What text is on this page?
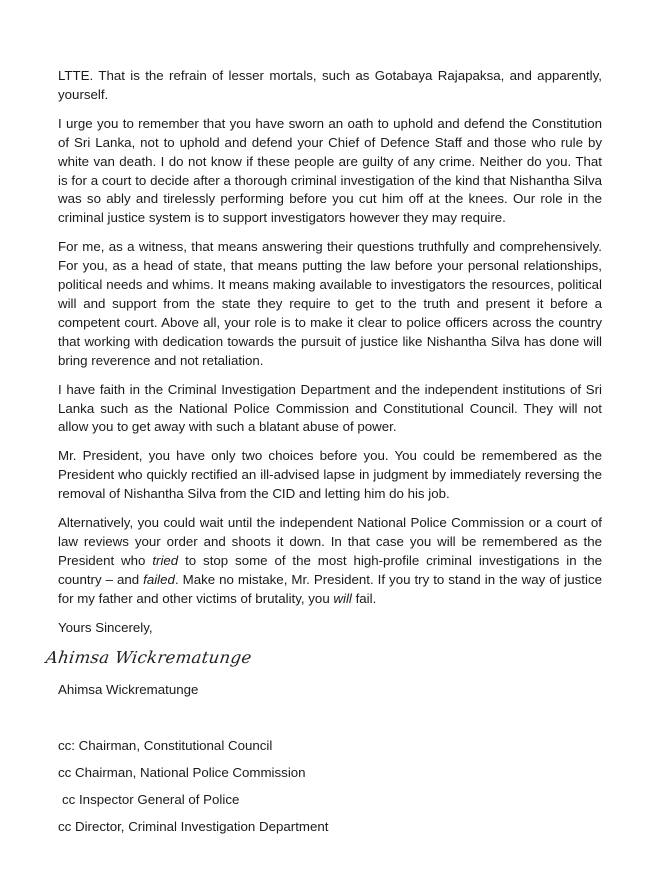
LTTE. That is the refrain of lesser mortals, such as Gotabaya Rajapaksa, and apparently, yourself.

I urge you to remember that you have sworn an oath to uphold and defend the Constitution of Sri Lanka, not to uphold and defend your Chief of Defence Staff and those who rule by white van death. I do not know if these people are guilty of any crime. Neither do you. That is for a court to decide after a thorough criminal investigation of the kind that Nishantha Silva was so ably and tirelessly performing before you cut him off at the knees. Our role in the criminal justice system is to support investigators however they may require.

For me, as a witness, that means answering their questions truthfully and comprehensively. For you, as a head of state, that means putting the law before your personal relationships, political needs and whims. It means making available to investigators the resources, political will and support from the state they require to get to the truth and present it before a competent court. Above all, your role is to make it clear to police officers across the country that working with dedication towards the pursuit of justice like Nishantha Silva has done will bring reverence and not retaliation.

I have faith in the Criminal Investigation Department and the independent institutions of Sri Lanka such as the National Police Commission and Constitutional Council. They will not allow you to get away with such a blatant abuse of power.

Mr. President, you have only two choices before you. You could be remembered as the President who quickly rectified an ill-advised lapse in judgment by immediately reversing the removal of Nishantha Silva from the CID and letting him do his job.

Alternatively, you could wait until the independent National Police Commission or a court of law reviews your order and shoots it down. In that case you will be remembered as the President who tried to stop some of the most high-profile criminal investigations in the country – and failed. Make no mistake, Mr. President. If you try to stand in the way of justice for my father and other victims of brutality, you will fail.

Yours Sincerely,

Ahimsa Wickrematunge
Ahimsa Wickrematunge
cc: Chairman, Constitutional Council
cc Chairman, National Police Commission
cc Inspector General of Police
cc Director, Criminal Investigation Department
